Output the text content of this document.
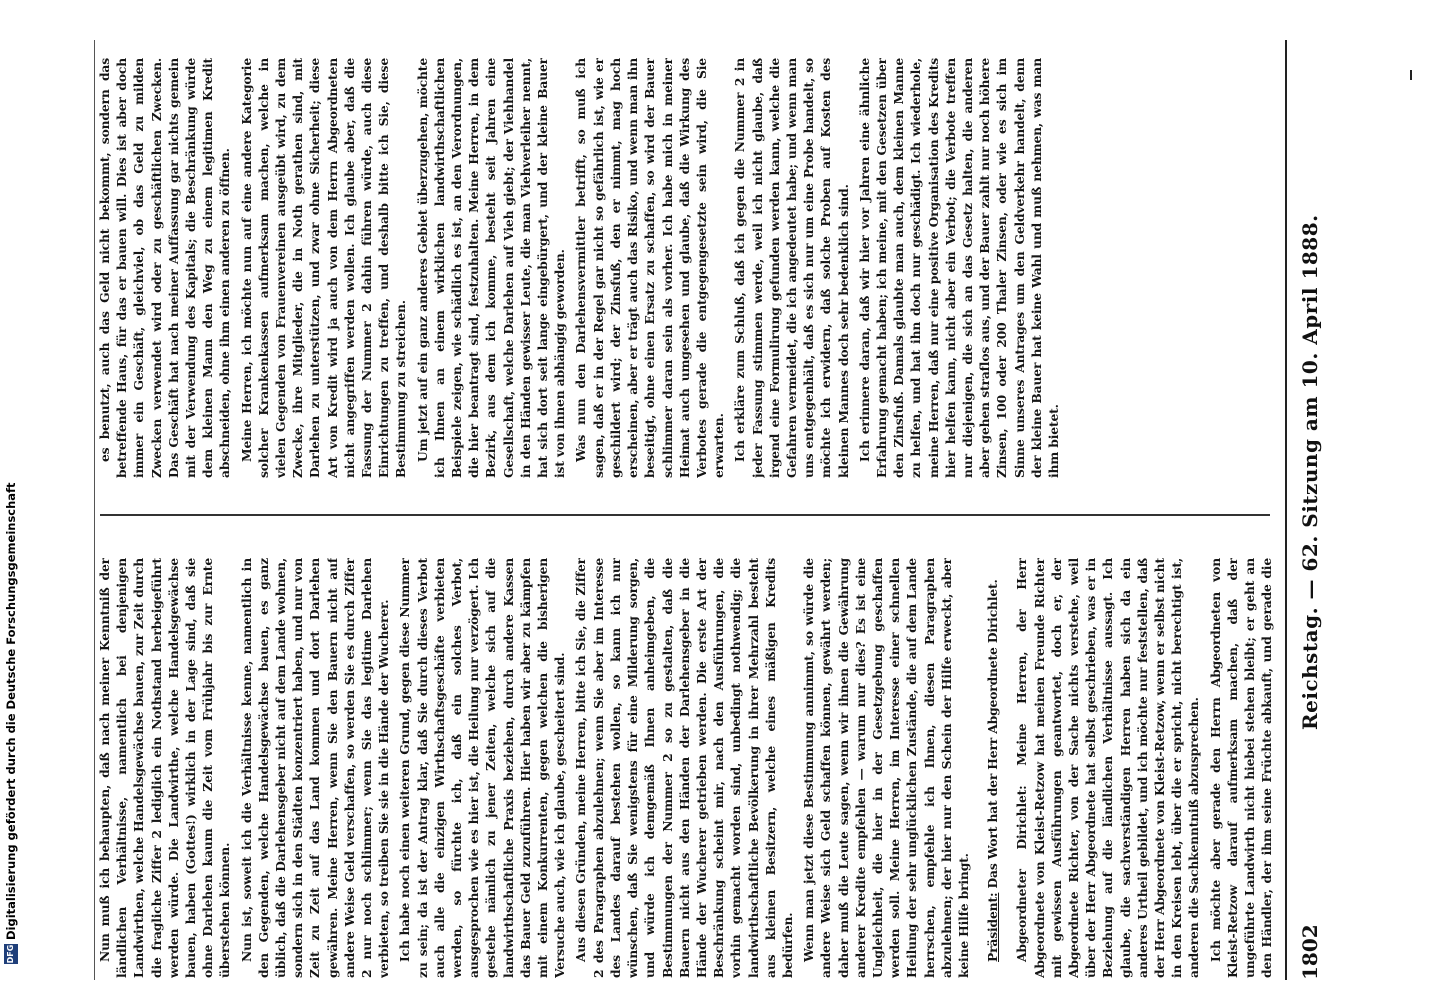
DFG
Digitalisierung gefördert durch die Deutsche Forschungsgemeinschaft	Nun muß ich behaupten, daß nach meiner Kenntniß der ländlichen Verhältnisse, namentlich bei denjenigen Landwirthen, welche Handelsgewächse bauen, zur Zeit durch die fragliche Ziffer 2 lediglich ein Nothstand herbeigeführt werden würde. Die Landwirthe, welche Handelsgewächse bauen, haben (Gottes!) wirklich in der Lage sind, daß sie ohne Darlehen kaum die Zeit vom Frühjahr bis zur Ernte überstehen können. Nun ist, soweit ich die Verhältnisse kenne, namentlich in den Gegenden, welche Handelsgewächse bauen, es ganz üblich, daß die Darlehensgeber nicht auf dem Lande wohnen, sondern sich in den Städten konzentriert haben, und nur von Zeit zu Zeit auf das Land kommen und dort Darlehen gewähren. Meine Herren, wenn Sie den Bauern nicht auf andere Weise Geld verschaffen, so werden Sie es durch Ziffer 2 nur noch schlimmer; wenn Sie das legitime Darlehen verbieten, so treiben Sie sie in die Hände der Wucherer. Ich habe noch einen weiteren Grund, gegen diese Nummer zu sein; da ist der Antrag klar, daß Sie durch dieses Verbot auch alle die einzigen Wirthschaftsgeschäfte verbieten werden, so fürchte ich, daß ein solches Verbot, ausgesprochen wie es hier ist, die Heilung nur verzögert. Ich gestehe nämlich zu jener Zeiten, welche sich auf die landwirthschaftliche Praxis beziehen, durch andere Kassen das Bauer Geld zuzuführen. Hier haben wir aber zu kämpfen mit einem Konkurrenten, gegen welchen die bisherigen Versuche auch, wie ich glaube, gescheitert sind. Aus diesen Gründen, meine Herren, bitte ich Sie, die Ziffer 2 des Paragraphen abzulehnen; wenn Sie aber im Interesse des Landes darauf bestehen wollen, so kann ich nur wünschen, daß Sie wenigstens für eine Milderung sorgen, und würde ich demgemäß Ihnen anheimgeben, die Bestimmungen der Nummer 2 so zu gestalten, daß die Bauern nicht aus den Händen der Darlehensgeber in die Hände der Wucherer getrieben werden. Die erste Art der Beschränkung scheint mir, nach den Ausführungen, die vorhin gemacht worden sind, unbedingt nothwendig; die landwirthschaftliche Bevölkerung in ihrer Mehrzahl besteht aus kleinen Besitzern, welche eines mäßigen Kredits bedürfen. Wenn man jetzt diese Bestimmung annimmt, so würde die andere Weise sich Geld schaffen können, gewährt werden; daher muß die Leute sagen, wenn wir ihnen die Gewährung anderer Kredite empfehlen — warum nur dies? Es ist eine Ungleichheit, die hier in der Gesetzgebung geschaffen werden soll. Meine Herren, im Interesse einer schnellen Heilung der sehr unglücklichen Zustände, die auf dem Lande herrschen, empfehle ich Ihnen, diesen Paragraphen abzulehnen; der hier nur den Schein der Hilfe erweckt, aber keine Hilfe bringt. Präsident: Das Wort hat der Herr Abgeordnete Dirichlet. Abgeordneter Dirichlet: Meine Herren, der Herr Abgeordnete von Kleist-Retzow hat meinen Freunde Richter mit gewissen Ausführungen geantwortet, doch er, der Abgeordnete Richter, von der Sache nichts verstehe, weil über der Herr Abgeordnete hat selbst geschrieben, was er in Beziehung auf die ländlichen Verhältnisse aussagt. Ich glaube, die sachverständigen Herren haben sich da ein anderes Urtheil gebildet, und ich möchte nur feststellen, daß der Herr Abgeordnete von Kleist-Retzow, wenn er selbst nicht in den Kreisen lebt, über die er spricht, nicht berechtigt ist, anderen die Sachkenntniß abzusprechen. Ich möchte aber gerade den Herrn Abgeordneten von Kleist-Retzow darauf aufmerksam machen, daß der ungeführte Landwirth nicht hiebei stehen bleibt; er geht an den Händler, der ihm seine Früchte abkauft, und gerade die

es benutzt, auch das Geld nicht bekommt, sondern das betreffende Haus, für das er bauen will. Dies ist aber doch immer ein Geschäft, gleichviel, ob das Geld zu milden Zwecken verwendet wird oder zu geschäftlichen Zwecken. Das Geschäft hat nach meiner Auffassung gar nichts gemein mit der Verwendung des Kapitals; die Beschränkung würde dem kleinen Mann den Weg zu einem legitimen Kredit abschneiden, ohne ihm einen anderen zu öffnen. Meine Herren, ich möchte nun auf eine andere Kategorie solcher Krankenkassen aufmerksam machen, welche in vielen Gegenden von Frauenvereinen ausgeübt wird, zu dem Zwecke, ihre Mitglieder, die in Noth gerathen sind, mit Darlehen zu unterstützen, und zwar ohne Sicherheit; diese Art von Kredit wird ja auch von dem Herrn Abgeordneten nicht angegriffen werden wollen. Ich glaube aber, daß die Fassung der Nummer 2 dahin führen würde, auch diese Einrichtungen zu treffen, und deshalb bitte ich Sie, diese Bestimmung zu streichen. Um jetzt auf ein ganz anderes Gebiet überzugehen, möchte ich Ihnen an einem wirklichen landwirthschaftlichen Beispiele zeigen, wie schädlich es ist, an den Verordnungen, die hier beantragt sind, festzuhalten. Meine Herren, in dem Bezirk, aus dem ich komme, besteht seit Jahren eine Gesellschaft, welche Darlehen auf Vieh giebt; der Viehhandel in den Händen gewisser Leute, die man Viehverleiher nennt, hat sich dort seit lange eingebürgert, und der kleine Bauer ist von ihnen abhängig geworden. Was nun den Darlehensvermittler betrifft, so muß ich sagen, daß er in der Regel gar nicht so gefährlich ist, wie er geschildert wird; der Zinsfuß, den er nimmt, mag hoch erscheinen, aber er trägt auch das Risiko, und wenn man ihn beseitigt, ohne einen Ersatz zu schaffen, so wird der Bauer schlimmer daran sein als vorher. Ich habe mich in meiner Heimat auch umgesehen und glaube, daß die Wirkung des Verbotes gerade die entgegengesetzte sein wird, die Sie erwarten. Ich erkläre zum Schluß, daß ich gegen die Nummer 2 in jeder Fassung stimmen werde, weil ich nicht glaube, daß irgend eine Formulirung gefunden werden kann, welche die Gefahren vermeidet, die ich angedeutet habe; und wenn man uns entgegenhält, daß es sich nur um eine Probe handelt, so möchte ich erwidern, daß solche Proben auf Kosten des kleinen Mannes doch sehr bedenklich sind. Ich erinnere daran, daß wir hier vor Jahren eine ähnliche Erfahrung gemacht haben; ich meine, mit den Gesetzen über den Zinsfuß. Damals glaubte man auch, dem kleinen Manne zu helfen, und hat ihn doch nur geschädigt. Ich wiederhole, meine Herren, daß nur eine positive Organisation des Kredits hier helfen kann, nicht aber ein Verbot; die Verbote treffen nur diejenigen, die sich an das Gesetz halten, die anderen aber gehen straflos aus, und der Bauer zahlt nur noch höhere Zinsen, 100 oder 200 Thaler Zinsen, oder wie es sich im Sinne unseres Antrages um den Geldverkehr handelt, denn der kleine Bauer hat keine Wahl und muß nehmen, was man ihm bietet.

1802
Reichstag. — 62. Sitzung am 10. April 1888.
